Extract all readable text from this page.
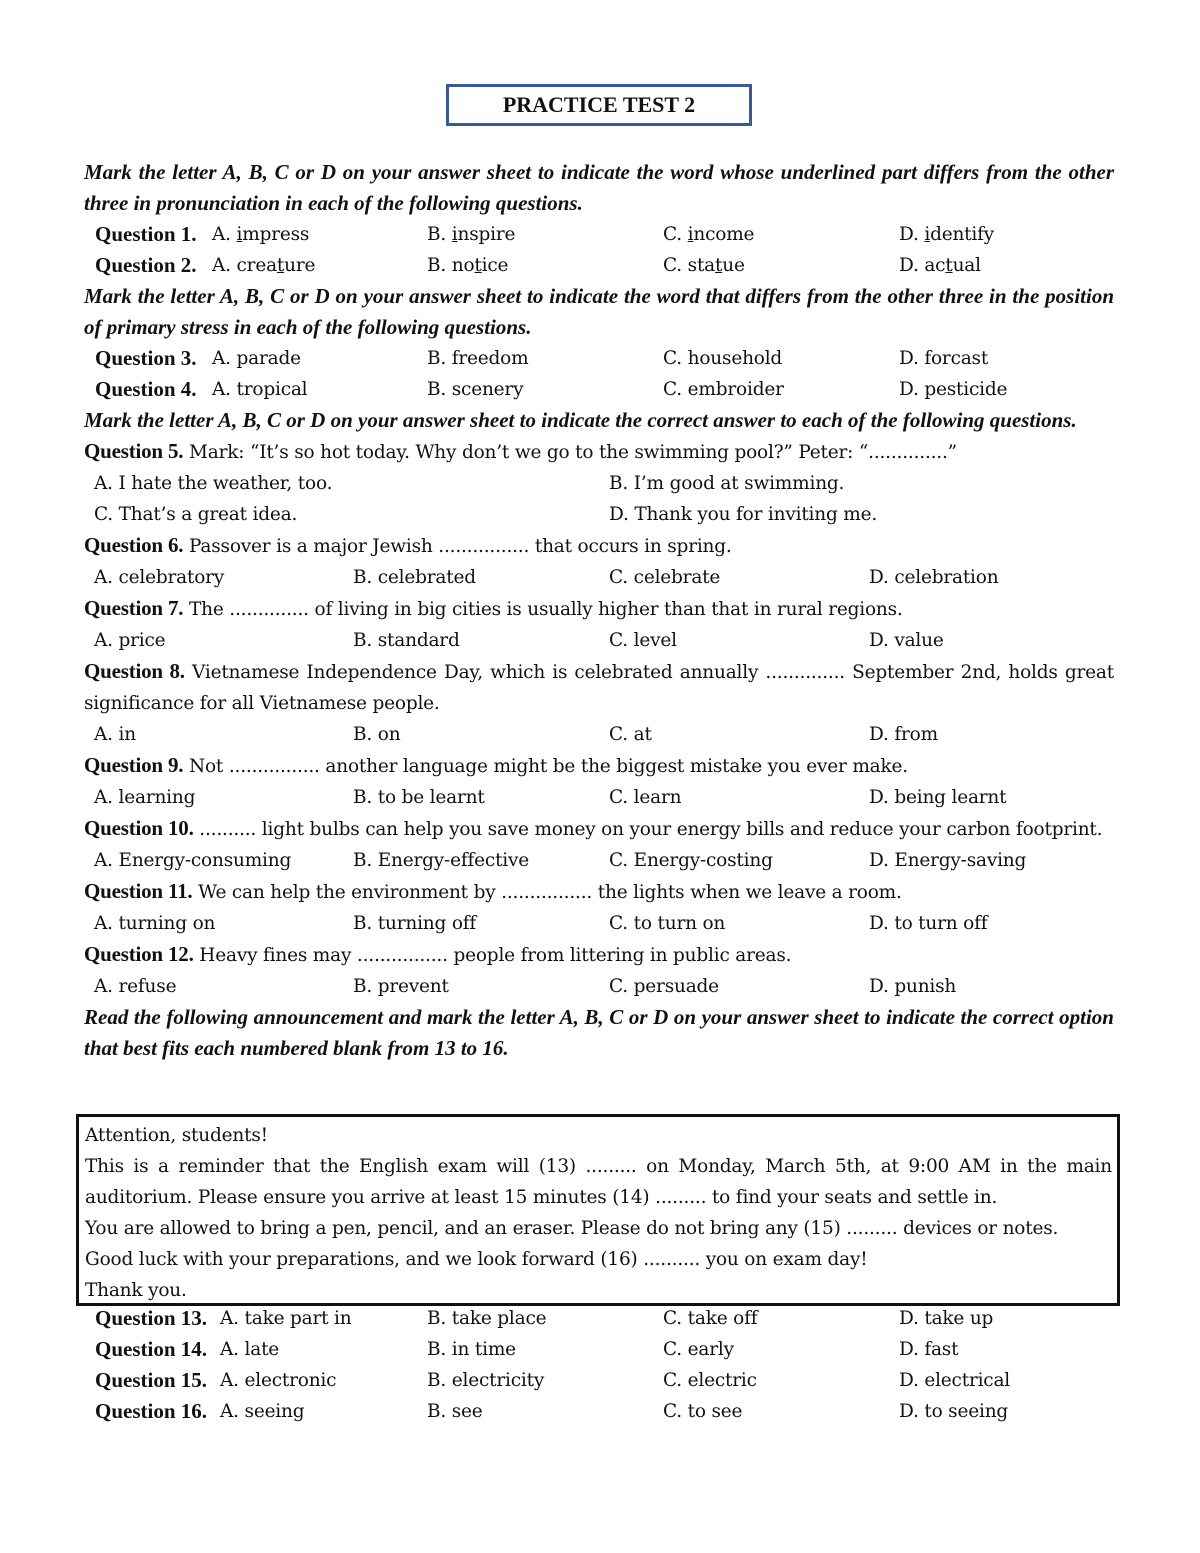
PRACTICE TEST 2
Mark the letter A, B, C or D on your answer sheet to indicate the word whose underlined part differs from the other three in pronunciation in each of the following questions.
Question 1. A. impress	B. inspire	C. income	D. identify
Question 2. A. creature	B. notice	C. statue	D. actual
Mark the letter A, B, C or D on your answer sheet to indicate the word that differs from the other three in the position of primary stress in each of the following questions.
Question 3. A. parade	B. freedom	C. household	D. forcast
Question 4. A. tropical	B. scenery	C. embroider	D. pesticide
Mark the letter A, B, C or D on your answer sheet to indicate the correct answer to each of the following questions.
Question 5. Mark: “It’s so hot today. Why don’t we go to the swimming pool?” Peter: “..............”
A. I hate the weather, too.	B. I’m good at swimming.
C. That’s a great idea.	D. Thank you for inviting me.
Question 6. Passover is a major Jewish ................ that occurs in spring.
A. celebratory	B. celebrated	C. celebrate	D. celebration
Question 7. The .............. of living in big cities is usually higher than that in rural regions.
A. price	B. standard	C. level	D. value
Question 8. Vietnamese Independence Day, which is celebrated annually .............. September 2nd, holds great significance for all Vietnamese people.
A. in	B. on	C. at	D. from
Question 9. Not ................ another language might be the biggest mistake you ever make.
A. learning	B. to be learnt	C. learn	D. being learnt
Question 10. .......... light bulbs can help you save money on your energy bills and reduce your carbon footprint.
A. Energy-consuming	B. Energy-effective	C. Energy-costing	D. Energy-saving
Question 11. We can help the environment by ................ the lights when we leave a room.
A. turning on	B. turning off	C. to turn on	D. to turn off
Question 12. Heavy fines may ................ people from littering in public areas.
A. refuse	B. prevent	C. persuade	D. punish
Read the following announcement and mark the letter A, B, C or D on your answer sheet to indicate the correct option that best fits each numbered blank from 13 to 16.
Attention, students!
This is a reminder that the English exam will (13) ......... on Monday, March 5th, at 9:00 AM in the main auditorium. Please ensure you arrive at least 15 minutes (14) ......... to find your seats and settle in.
You are allowed to bring a pen, pencil, and an eraser. Please do not bring any (15) ......... devices or notes.
Good luck with your preparations, and we look forward (16) .......... you on exam day!
Thank you.
Question 13. A. take part in	B. take place	C. take off	D. take up
Question 14. A. late	B. in time	C. early	D. fast
Question 15. A. electronic	B. electricity	C. electric	D. electrical
Question 16. A. seeing	B. see	C. to see	D. to seeing
